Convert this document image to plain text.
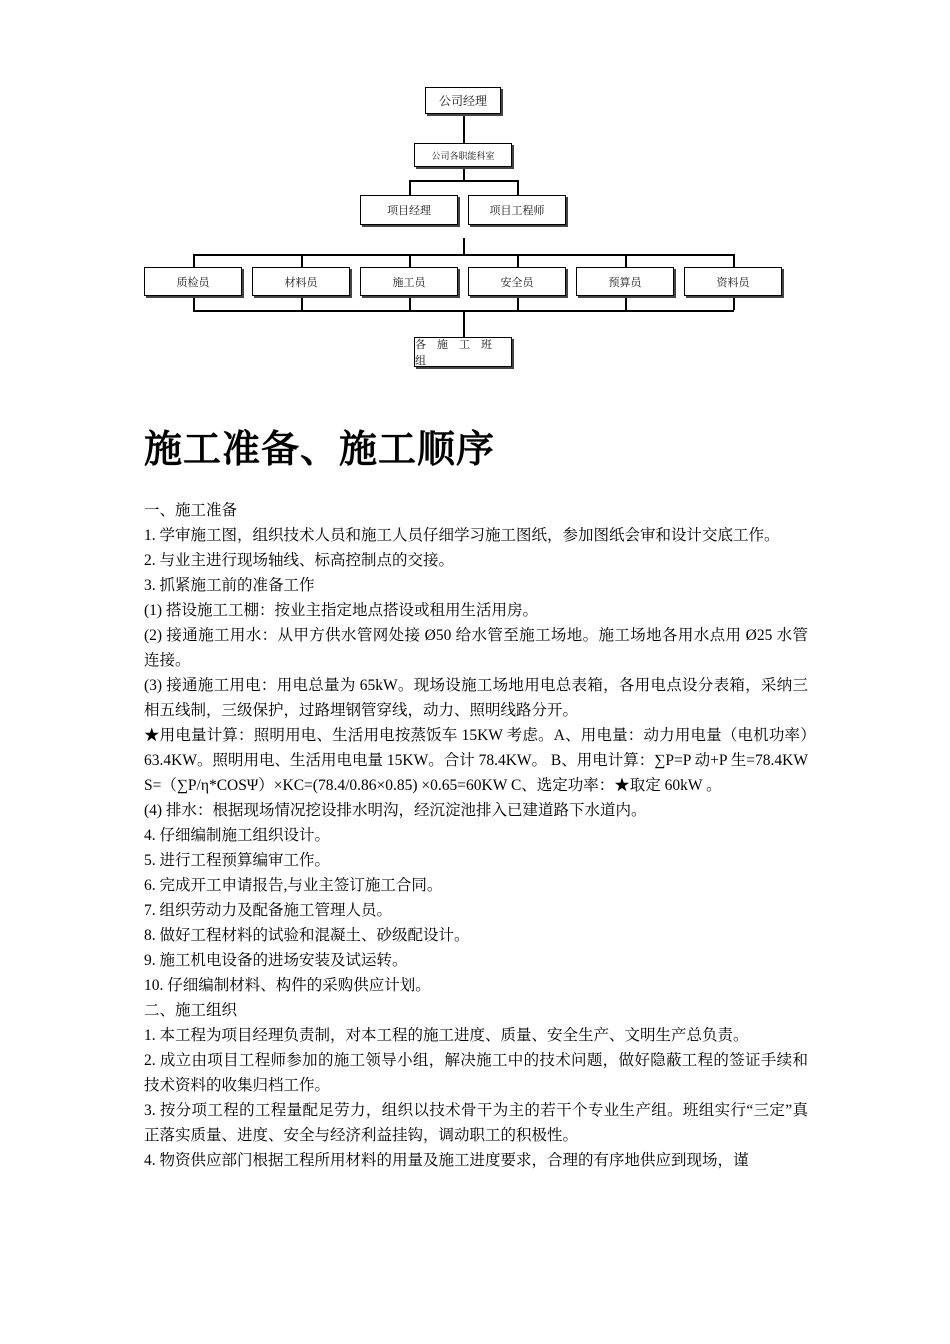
公司经理
公司各职能科室
项目经理	项目工程师
质检员	材料员	施工员	安全员	预算员	资料员
各　施　工　班　组
施工准备、施工顺序

一、施工准备

1. 学审施工图，组织技术人员和施工人员仔细学习施工图纸，参加图纸会审和设计交底工作。

2. 与业主进行现场轴线、标高控制点的交接。

3. 抓紧施工前的准备工作

(1) 搭设施工工棚：按业主指定地点搭设或租用生活用房。

(2) 接通施工用水：从甲方供水管网处接 Ø50 给水管至施工场地。施工场地各用水点用 Ø25 水管连接。

(3) 接通施工用电：用电总量为 65kW。现场设施工场地用电总表箱，各用电点设分表箱，采纳三相五线制，三级保护，过路埋钢管穿线，动力、照明线路分开。

★用电量计算：照明用电、生活用电按蒸饭车 15KW 考虑。A、用电量：动力用电量（电机功率）63.4KW。照明用电、生活用电电量 15KW。合计 78.4KW。 B、用电计算：∑P=P 动+P 生=78.4KW S=（∑P/η*COSΨ）×KC=(78.4/0.86×0.85) ×0.65=60KW C、选定功率：★取定 60kW 。

(4) 排水：根据现场情况挖设排水明沟，经沉淀池排入已建道路下水道内。

4. 仔细编制施工组织设计。

5. 进行工程预算编审工作。

6. 完成开工申请报告,与业主签订施工合同。

7. 组织劳动力及配备施工管理人员。

8. 做好工程材料的试验和混凝土、砂级配设计。

9. 施工机电设备的进场安装及试运转。

10. 仔细编制材料、构件的采购供应计划。

二、施工组织

1. 本工程为项目经理负责制，对本工程的施工进度、质量、安全生产、文明生产总负责。

2. 成立由项目工程师参加的施工领导小组，解决施工中的技术问题，做好隐蔽工程的签证手续和技术资料的收集归档工作。

3. 按分项工程的工程量配足劳力，组织以技术骨干为主的若干个专业生产组。班组实行“三定”真正落实质量、进度、安全与经济利益挂钩，调动职工的积极性。

4. 物资供应部门根据工程所用材料的用量及施工进度要求，合理的有序地供应到现场，谨
